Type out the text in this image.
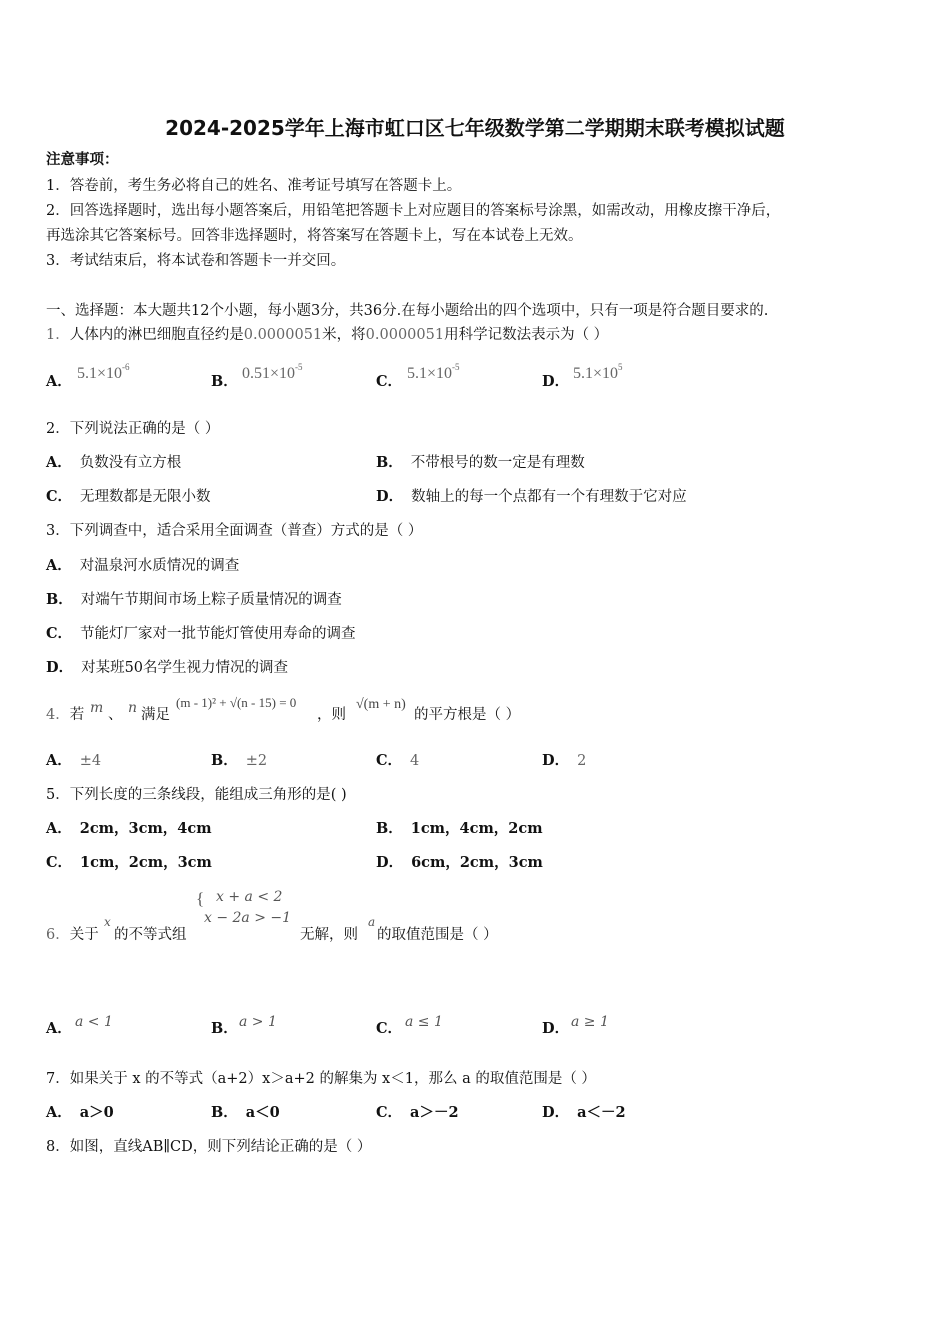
2024-2025学年上海市虹口区七年级数学第二学期期末联考模拟试题
注意事项：
1．答卷前，考生务必将自己的姓名、准考证号填写在答题卡上。
2．回答选择题时，选出每小题答案后，用铅笔把答题卡上对应题目的答案标号涂黑，如需改动，用橡皮擦干净后，
再选涂其它答案标号。回答非选择题时，将答案写在答题卡上，写在本试卷上无效。
3．考试结束后，将本试卷和答题卡一并交回。
一、选择题：本大题共12个小题，每小题3分，共36分.在每小题给出的四个选项中，只有一项是符合题目要求的.
1．人体内的淋巴细胞直径约是0.0000051米，将0.0000051用科学记数法表示为（ ）
A． $5.1\times 10^{-6}$
B． $0.51\times 10^{-5}$
C． $5.1\times 10^{-5}$
D． $5.1\times 10^5$
2．下列说法正确的是（ ）
A． 负数没有立方根	B． 不带根号的数一定是有理数
C． 无理数都是无限小数	D． 数轴上的每一个点都有一个有理数于它对应
3．下列调查中，适合采用全面调查（普查）方式的是（ ）
A． 对温泉河水质情况的调查
B． 对端午节期间市场上粽子质量情况的调查
C． 节能灯厂家对一批节能灯管使用寿命的调查
D． 对某班50名学生视力情况的调查
4．若 m 、 n 满足
(m - 1)² + √(n - 15) = 0
，则
√(m + n)
的平方根是（ ）
A． ±4	B． ±2	C． 4	D． 2
5．下列长度的三条线段，能组成三角形的是( )
A． 2cm，3cm，4cm	B． 1cm，4cm，2cm
C． 1cm，2cm，3cm	D． 6cm，2cm，3cm
6．关于
x
的不等式组
{ x + a < 2
x − 2a > −1
无解，则
a
的取值范围是（ ）
A． a < 1	B． a > 1	C． a ≤ 1	D． a ≥ 1
7．如果关于 x 的不等式（a+2）x＞a+2 的解集为 x＜1，那么 a 的取值范围是（ ）
A． a＞0	B． a＜0	C． a＞－2	D． a＜－2
8．如图，直线AB∥CD，则下列结论正确的是（ ）
